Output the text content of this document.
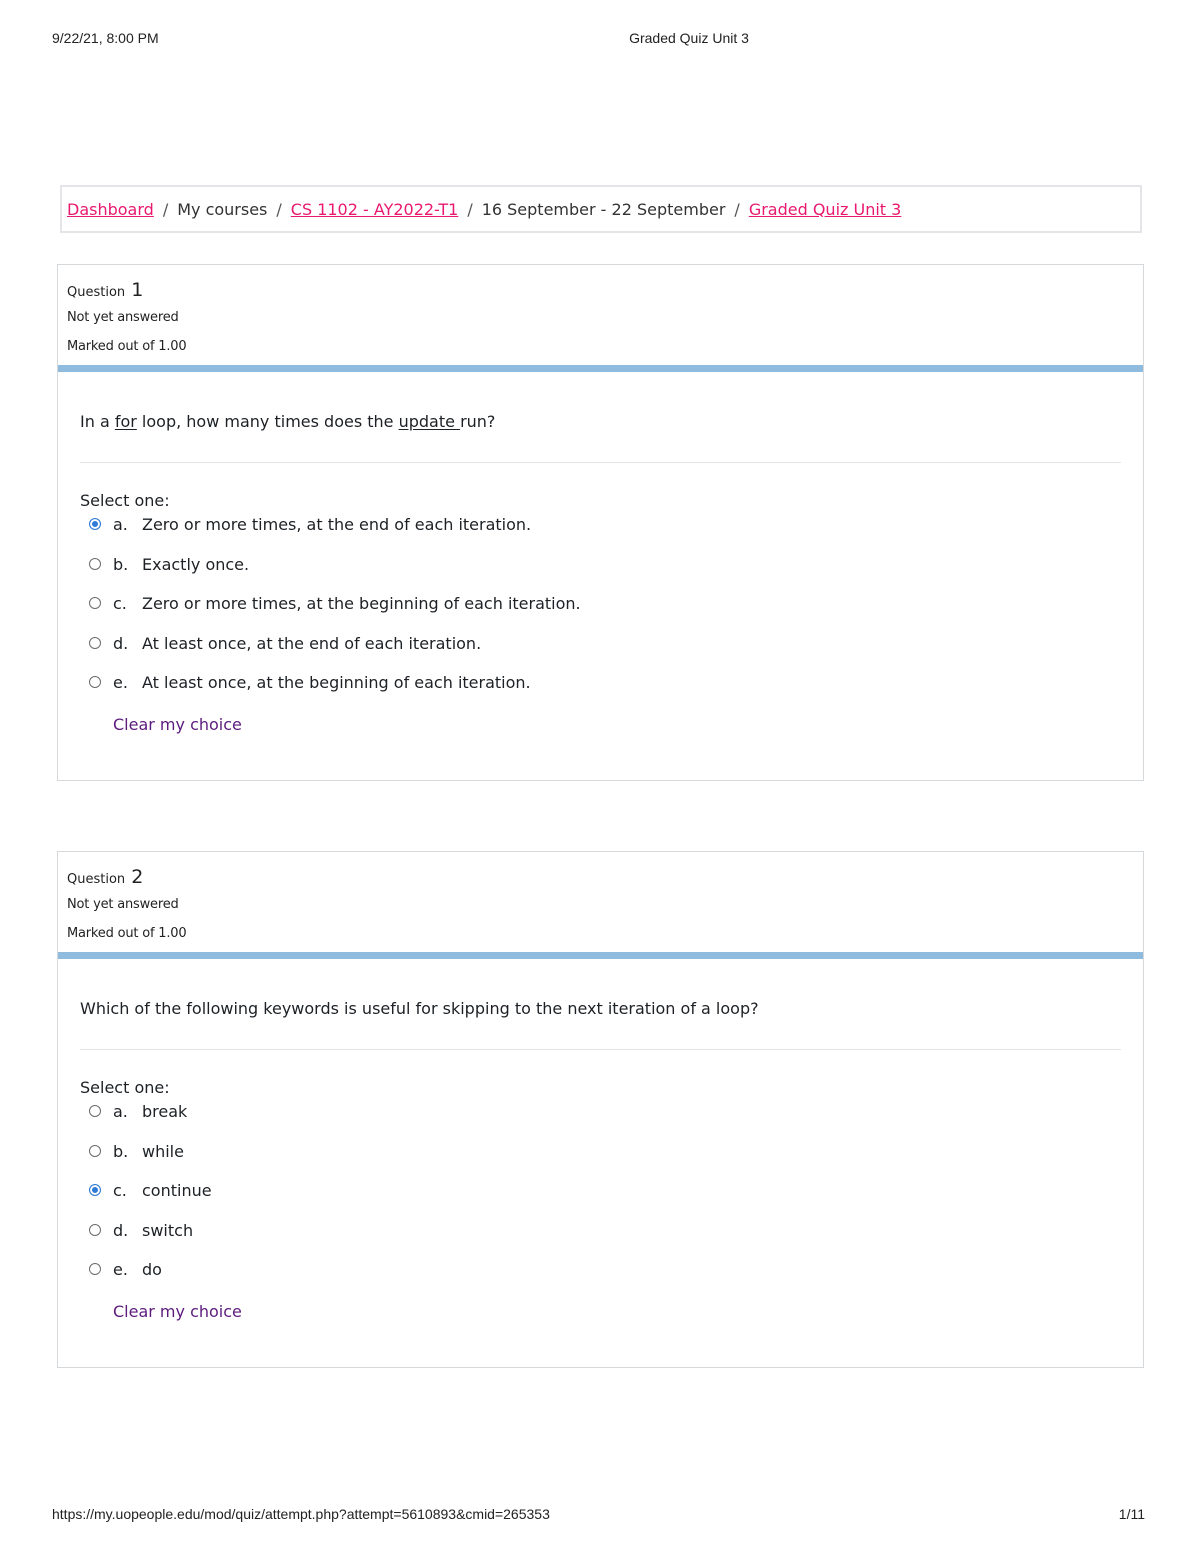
9/22/21, 8:00 PM	Graded Quiz Unit 3
Dashboard / My courses / CS 1102 - AY2022-T1 / 16 September - 22 September / Graded Quiz Unit 3
Question 1
Not yet answered
Marked out of 1.00
In a for loop, how many times does the update run?
Select one:
a. Zero or more times, at the end of each iteration.
b. Exactly once.
c. Zero or more times, at the beginning of each iteration.
d. At least once, at the end of each iteration.
e. At least once, at the beginning of each iteration.
Clear my choice
Question 2
Not yet answered
Marked out of 1.00
Which of the following keywords is useful for skipping to the next iteration of a loop?
Select one:
a. break
b. while
c. continue
d. switch
e. do
Clear my choice
https://my.uopeople.edu/mod/quiz/attempt.php?attempt=5610893&cmid=265353	1/11
